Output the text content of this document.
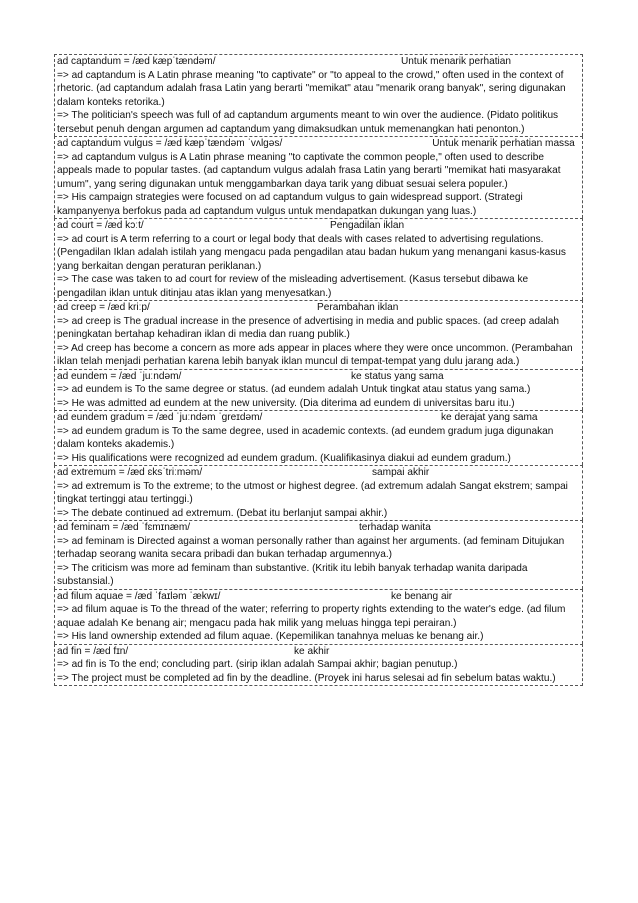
ad captandum = /æd kæpˈtændəm/	Untuk menarik perhatian
=> ad captandum is A Latin phrase meaning "to captivate" or "to appeal to the crowd," often used in the context of rhetoric. (ad captandum adalah frasa Latin yang berarti "memikat" atau "menarik orang banyak", sering digunakan dalam konteks retorika.)
=> The politician's speech was full of ad captandum arguments meant to win over the audience. (Pidato politikus tersebut penuh dengan argumen ad captandum yang dimaksudkan untuk memenangkan hati penonton.)
ad captandum vulgus = /æd kæpˈtændəm ˈvʌlgəs/	Untuk menarik perhatian massa
=> ad captandum vulgus is A Latin phrase meaning "to captivate the common people," often used to describe appeals made to popular tastes. (ad captandum vulgus adalah frasa Latin yang berarti "memikat hati masyarakat umum", yang sering digunakan untuk menggambarkan daya tarik yang dibuat sesuai selera populer.)
=> His campaign strategies were focused on ad captandum vulgus to gain widespread support. (Strategi kampanyenya berfokus pada ad captandum vulgus untuk mendapatkan dukungan yang luas.)
ad court = /æd kɔːt/	Pengadilan iklan
=> ad court is A term referring to a court or legal body that deals with cases related to advertising regulations. (Pengadilan Iklan adalah istilah yang mengacu pada pengadilan atau badan hukum yang menangani kasus-kasus yang berkaitan dengan peraturan periklanan.)
=> The case was taken to ad court for review of the misleading advertisement. (Kasus tersebut dibawa ke pengadilan iklan untuk ditinjau atas iklan yang menyesatkan.)
ad creep = /æd kriːp/	Perambahan iklan
=> ad creep is The gradual increase in the presence of advertising in media and public spaces. (ad creep adalah peningkatan bertahap kehadiran iklan di media dan ruang publik.)
=> Ad creep has become a concern as more ads appear in places where they were once uncommon. (Perambahan iklan telah menjadi perhatian karena lebih banyak iklan muncul di tempat-tempat yang dulu jarang ada.)
ad eundem = /æd ˈjuːndəm/	ke status yang sama
=> ad eundem is To the same degree or status. (ad eundem adalah Untuk tingkat atau status yang sama.)
=> He was admitted ad eundem at the new university. (Dia diterima ad eundem di universitas baru itu.)
ad eundem gradum = /æd ˈjuːndəm ˈgreɪdəm/	ke derajat yang sama
=> ad eundem gradum is To the same degree, used in academic contexts. (ad eundem gradum juga digunakan dalam konteks akademis.)
=> His qualifications were recognized ad eundem gradum. (Kualifikasinya diakui ad eundem gradum.)
ad extremum = /æd ɛksˈtriːməm/	sampai akhir
=> ad extremum is To the extreme; to the utmost or highest degree. (ad extremum adalah Sangat ekstrem; sampai tingkat tertinggi atau tertinggi.)
=> The debate continued ad extremum. (Debat itu berlanjut sampai akhir.)
ad feminam = /æd ˈfɛmɪnæm/	terhadap wanita
=> ad feminam is Directed against a woman personally rather than against her arguments. (ad feminam Ditujukan terhadap seorang wanita secara pribadi dan bukan terhadap argumennya.)
=> The criticism was more ad feminam than substantive. (Kritik itu lebih banyak terhadap wanita daripada substansial.)
ad filum aquae = /æd ˈfaɪləm ˈækwɪ/	ke benang air
=> ad filum aquae is To the thread of the water; referring to property rights extending to the water's edge. (ad filum aquae adalah Ke benang air; mengacu pada hak milik yang meluas hingga tepi perairan.)
=> His land ownership extended ad filum aquae. (Kepemilikan tanahnya meluas ke benang air.)
ad fin = /æd fɪn/	ke akhir
=> ad fin is To the end; concluding part. (sirip iklan adalah Sampai akhir; bagian penutup.)
=> The project must be completed ad fin by the deadline. (Proyek ini harus selesai ad fin sebelum batas waktu.)
